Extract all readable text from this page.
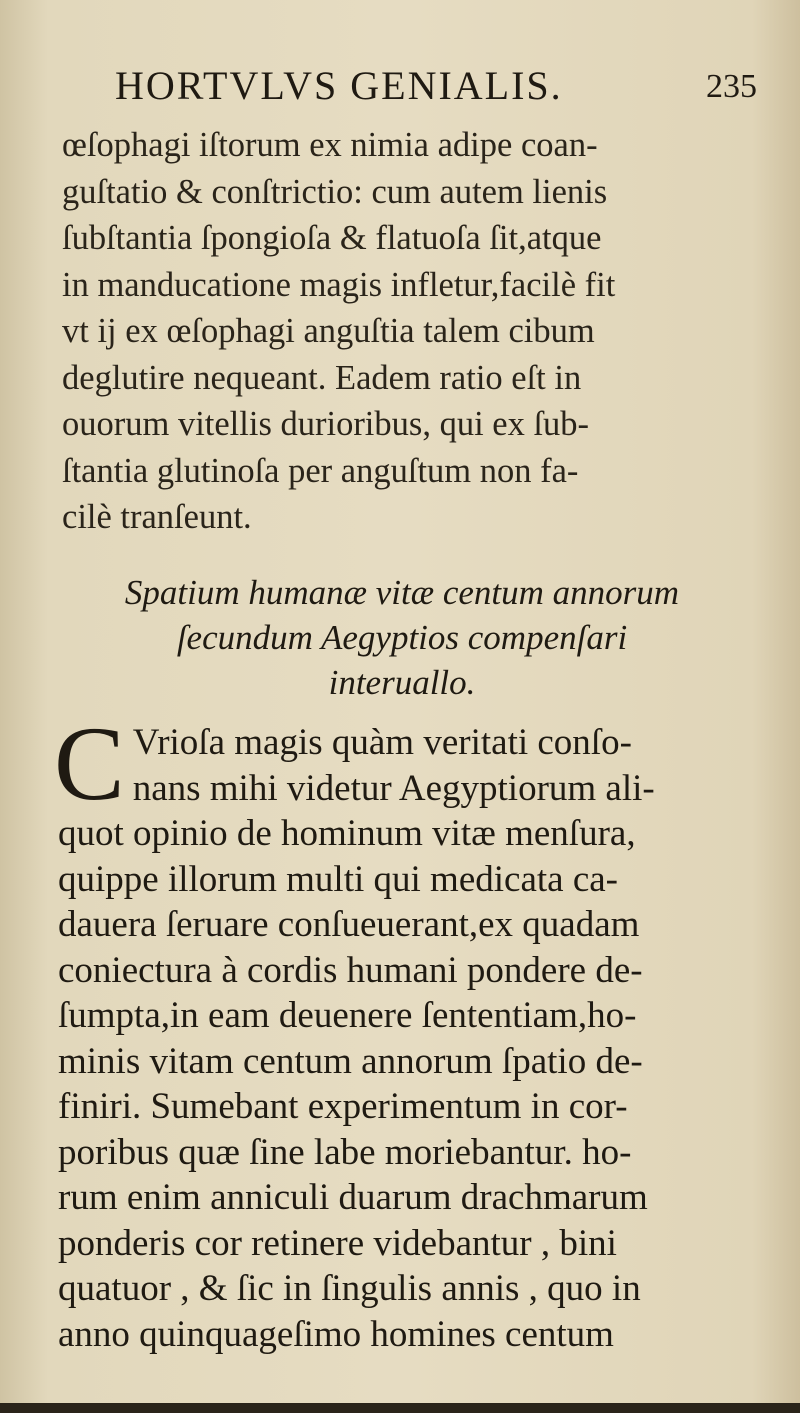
HORTVLVS GENIALIS.	235
œſophagi iſtorum ex nimia adipe coan-
guſtatio & conſtrictio: cum autem lienis
ſubſtantia ſpongioſa & flatuoſa ſit,atque
in manducatione magis infletur,facilè fit
vt ij ex œſophagi anguſtia talem cibum
deglutire nequeant. Eadem ratio eſt in
ouorum vitellis durioribus, qui ex ſub-
ſtantia glutinoſa per anguſtum non fa-
cilè tranſeunt.
Spatium humanæ vitæ centum annorum
ſecundum Aegyptios compenſari
interuallo.
C Vrioſa magis quàm veritati conſo-
nans mihi videtur Aegyptiorum ali-
quot opinio de hominum vitæ menſura,
quippe illorum multi qui medicata ca-
dauera ſeruare conſueuerant,ex quadam
coniectura à cordis humani pondere de-
ſumpta,in eam deuenere ſententiam,ho-
minis vitam centum annorum ſpatio de-
finiri. Sumebant experimentum in cor-
poribus quæ ſine labe moriebantur. ho-
rum enim anniculi duarum drachmarum
ponderis cor retinere videbantur , bini
quatuor , & ſic in ſingulis annis , quo in
anno quinquageſimo homines centum
